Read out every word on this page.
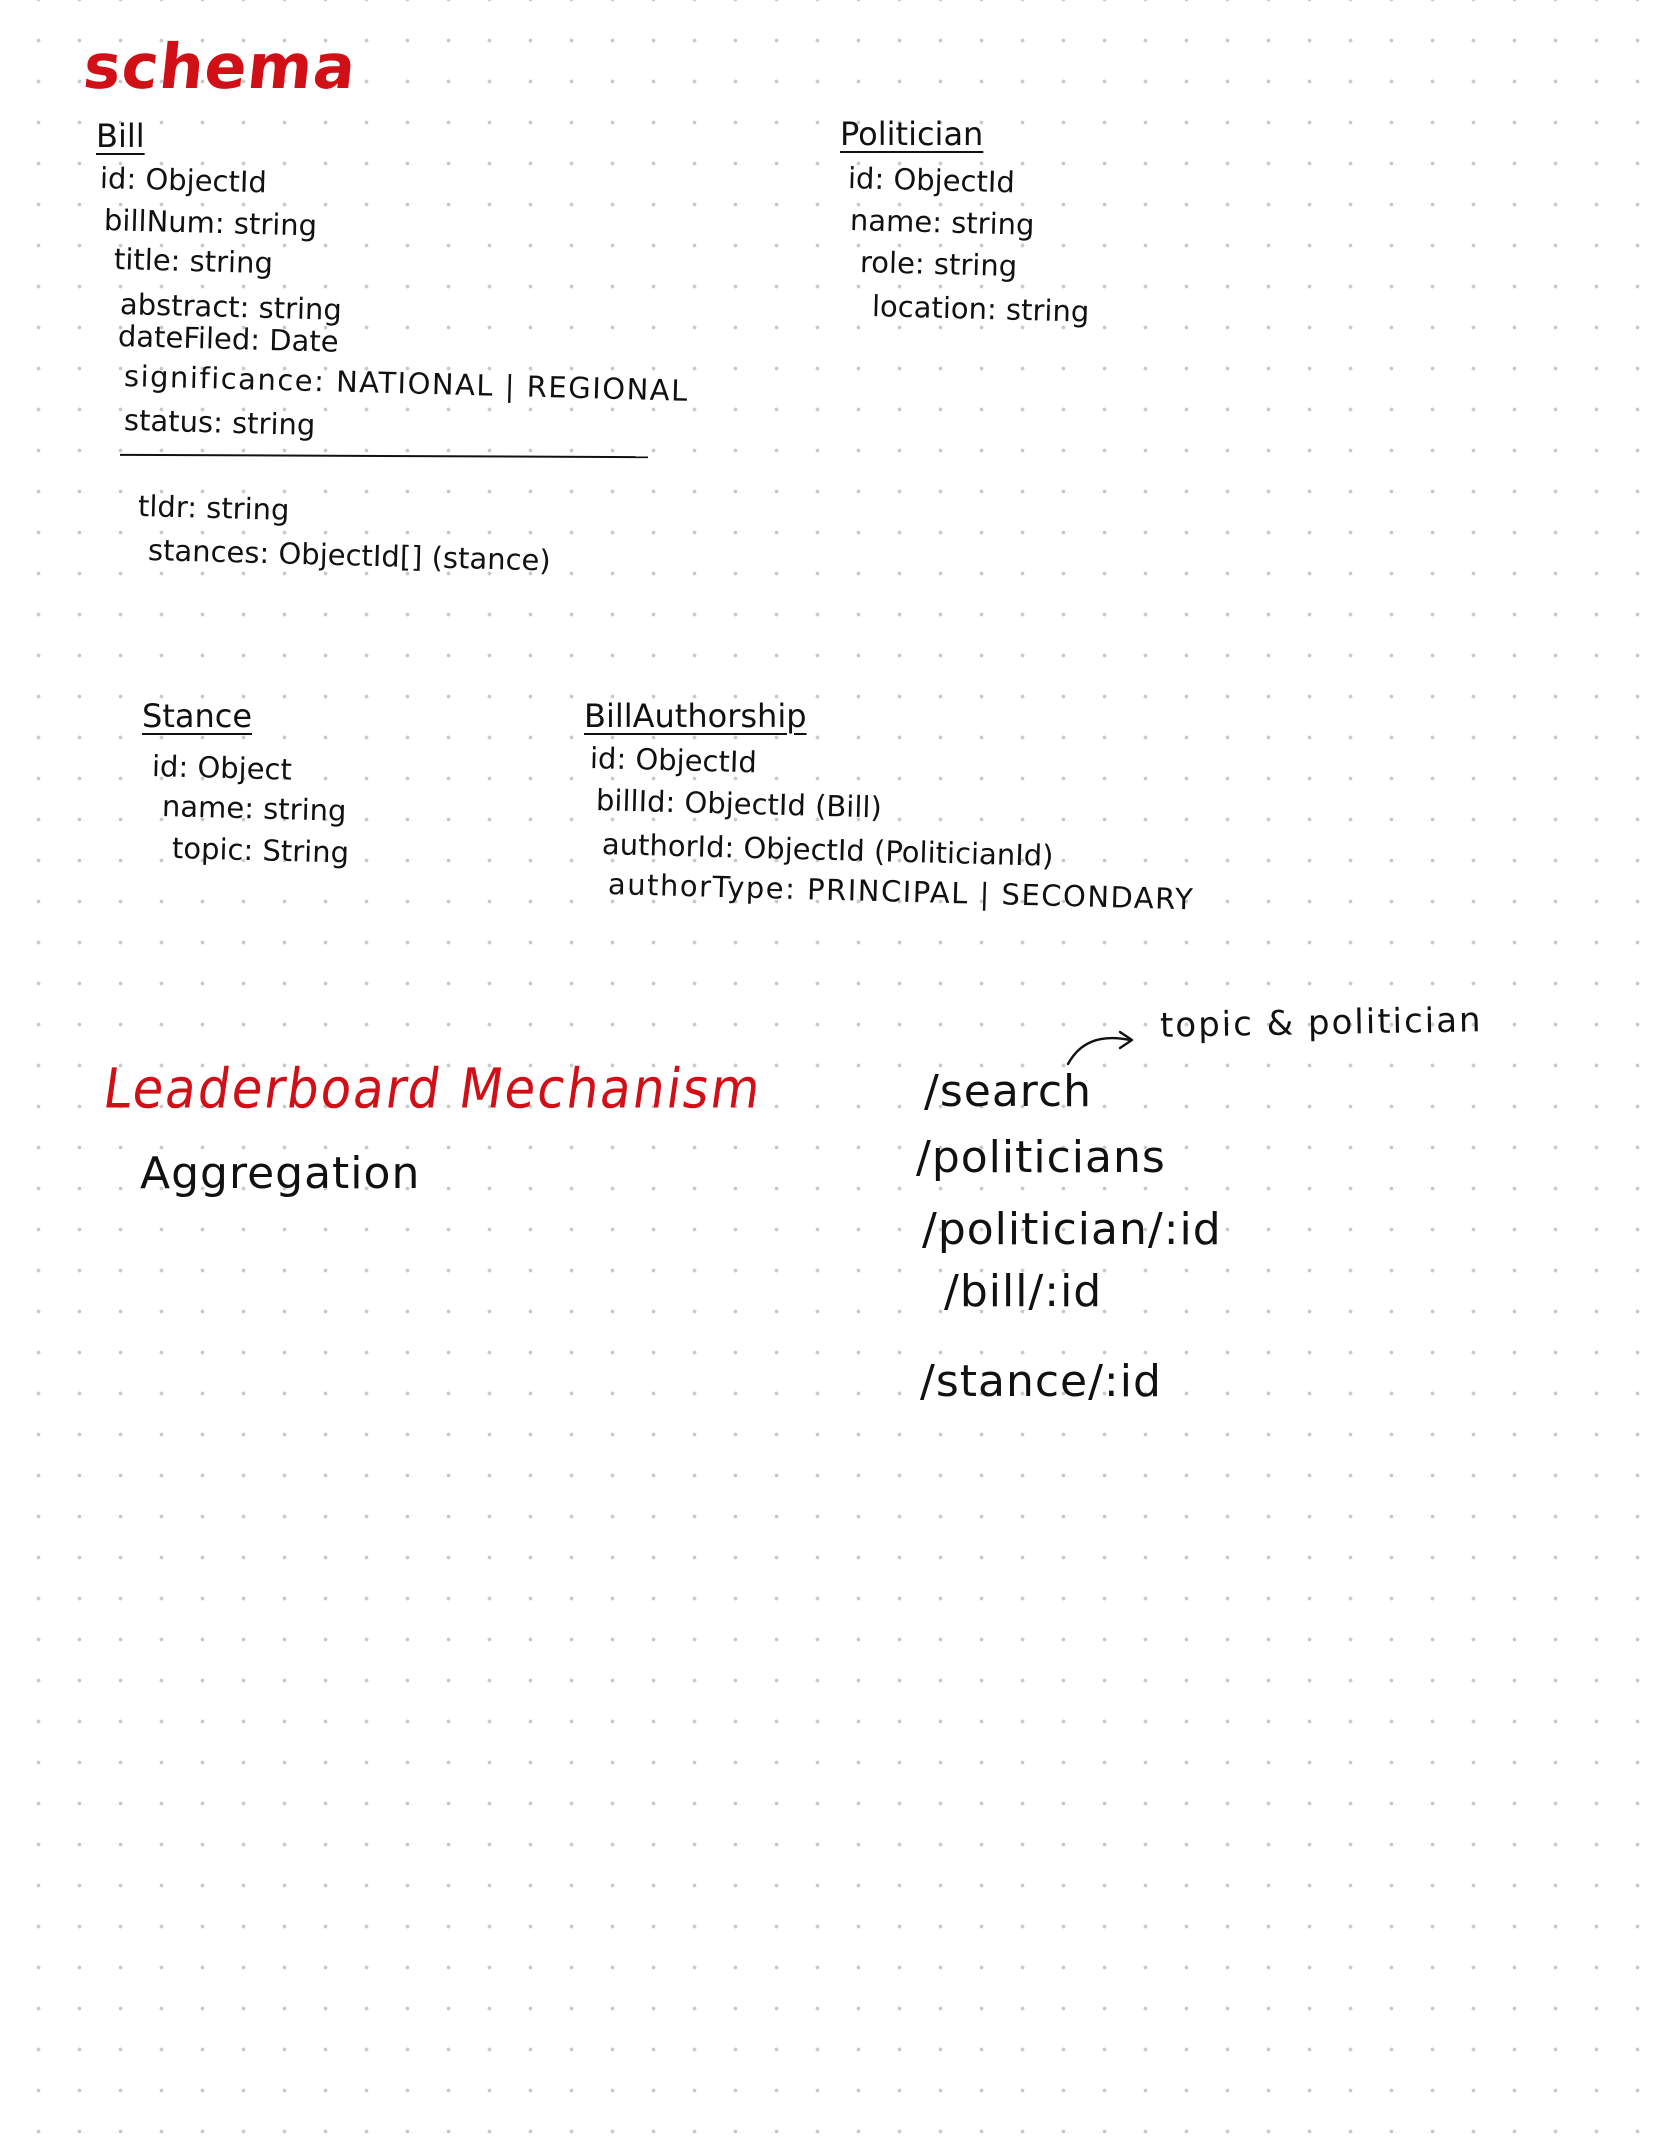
schema
Bill
id: ObjectId
billNum: string
title: string
abstract: string
dateFiled: Date
significance: NATIONAL | REGIONAL
status: string
tldr: string
stances: ObjectId[] (stance)
Politician
id: ObjectId
name: string
role: string
location: string
Stance
id: Object
name: string
topic: String
BillAuthorship
id: ObjectId
billId: ObjectId (Bill)
authorId: ObjectId (PoliticianId)
authorType: PRINCIPAL | SECONDARY
Leaderboard Mechanism
Aggregation
topic & politician
/search
/politicians
/politician/:id
/bill/:id
/stance/:id
